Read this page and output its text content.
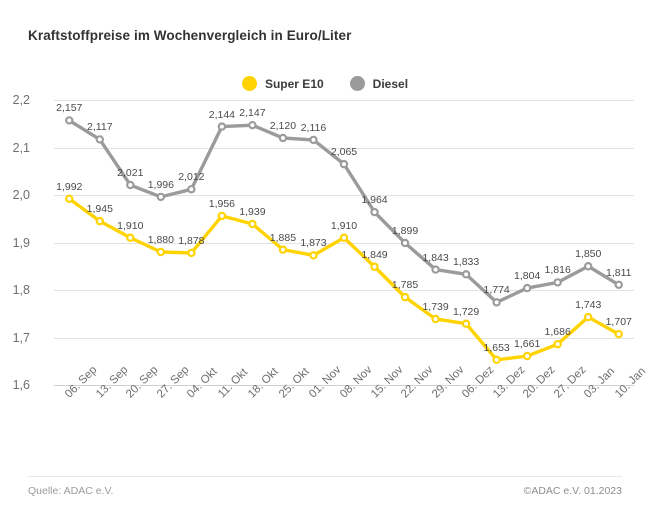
Kraftstoffpreise im Wochenvergleich in Euro/Liter
Super E10	Diesel
1,6
1,7
1,8
1,9
2,0
2,1
2,2
1,992
1,945
1,910
1,880 1,878
1,956
1,939
1,885 1,873
1,910
1,849
1,785
1,739 1,729
1,653 1,661
1,686
1,743
1,707
2,157
2,117
2,021
1,996
2,012
2,144 2,147
2,120 2,116
2,065
1,964
1,899
1,843 1,833
1,774
1,804 1,816
1,850
1,811
Quelle: ADAC e.V.	©ADAC e.V. 01.2023
06. Sep
13. Sep
20. Sep
27. Sep
04. Okt
11. Okt
18. Okt
25. Okt
01. Nov
08. Nov
15. Nov
22. Nov
29. Nov
06. Dez
13. Dez
20. Dez
27. Dez
03. Jan
10. Jan
